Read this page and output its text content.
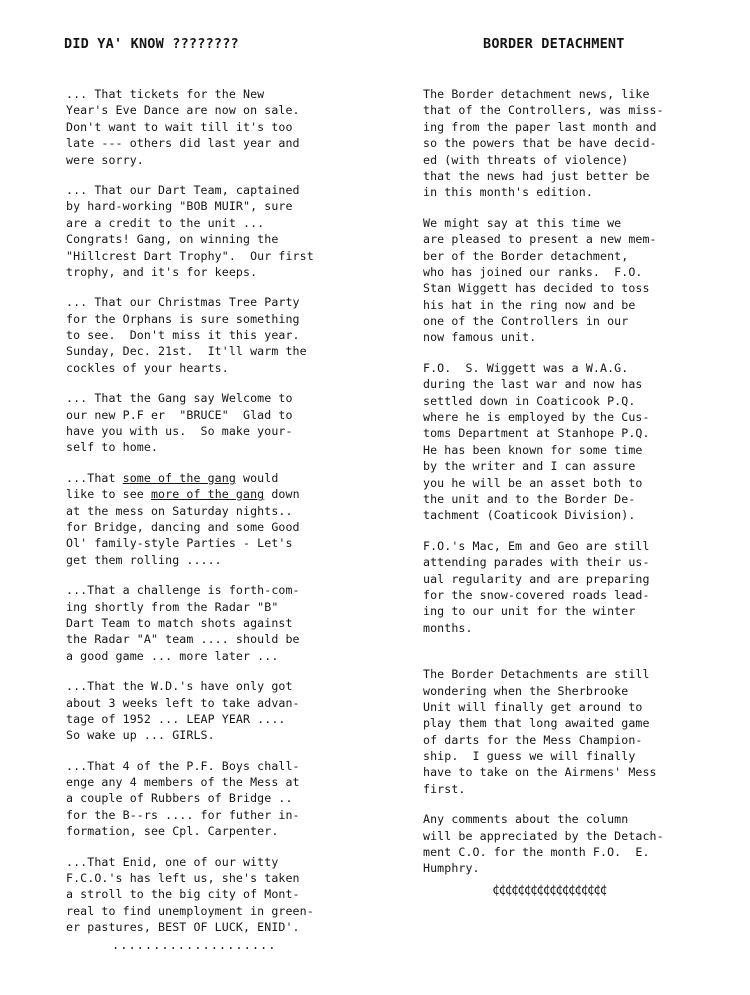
DID YA' KNOW ????????	BORDER DETACHMENT
... That tickets for the New
Year's Eve Dance are now on sale.
Don't want to wait till it's too
late --- others did last year and
were sorry.
... That our Dart Team, captained
by hard-working "BOB MUIR", sure
are a credit to the unit ...
Congrats! Gang, on winning the
"Hillcrest Dart Trophy".  Our first
trophy, and it's for keeps.
... That our Christmas Tree Party
for the Orphans is sure something
to see.  Don't miss it this year.
Sunday, Dec. 21st.  It'll warm the
cockles of your hearts.
... That the Gang say Welcome to
our new P.F er  "BRUCE"  Glad to
have you with us.  So make your-
self to home.
...That some of the gang would
like to see more of the gang down
at the mess on Saturday nights..
for Bridge, dancing and some Good
Ol' family-style Parties - Let's
get them rolling .....
...That a challenge is forth-com-
ing shortly from the Radar "B"
Dart Team to match shots against
the Radar "A" team .... should be
a good game ... more later ...
...That the W.D.'s have only got
about 3 weeks left to take advan-
tage of 1952 ... LEAP YEAR ....
So wake up ... GIRLS.
...That 4 of the P.F. Boys chall-
enge any 4 members of the Mess at
a couple of Rubbers of Bridge ..
for the B--rs .... for futher in-
formation, see Cpl. Carpenter.
...That Enid, one of our witty
F.C.O.'s has left us, she's taken
a stroll to the big city of Mont-
real to find unemployment in green-
er pastures, BEST OF LUCK, ENID'.
The Border detachment news, like
that of the Controllers, was miss-
ing from the paper last month and
so the powers that be have decid-
ed (with threats of violence)
that the news had just better be
in this month's edition.
We might say at this time we
are pleased to present a new mem-
ber of the Border detachment,
who has joined our ranks.  F.O.
Stan Wiggett has decided to toss
his hat in the ring now and be
one of the Controllers in our
now famous unit.
F.O.  S. Wiggett was a W.A.G.
during the last war and now has
settled down in Coaticook P.Q.
where he is employed by the Cus-
toms Department at Stanhope P.Q.
He has been known for some time
by the writer and I can assure
you he will be an asset both to
the unit and to the Border De-
tachment (Coaticook Division).
F.O.'s Mac, Em and Geo are still
attending parades with their us-
ual regularity and are preparing
for the snow-covered roads lead-
ing to our unit for the winter
months.
The Border Detachments are still
wondering when the Sherbrooke
Unit will finally get around to
play them that long awaited game
of darts for the Mess Champion-
ship.  I guess we will finally
have to take on the Airmens' Mess
first.
Any comments about the column
will be appreciated by the Detach-
ment C.O. for the month F.O.  E.
Humphry.
....................
¢¢¢¢¢¢¢¢¢¢¢¢¢¢¢¢¢¢
